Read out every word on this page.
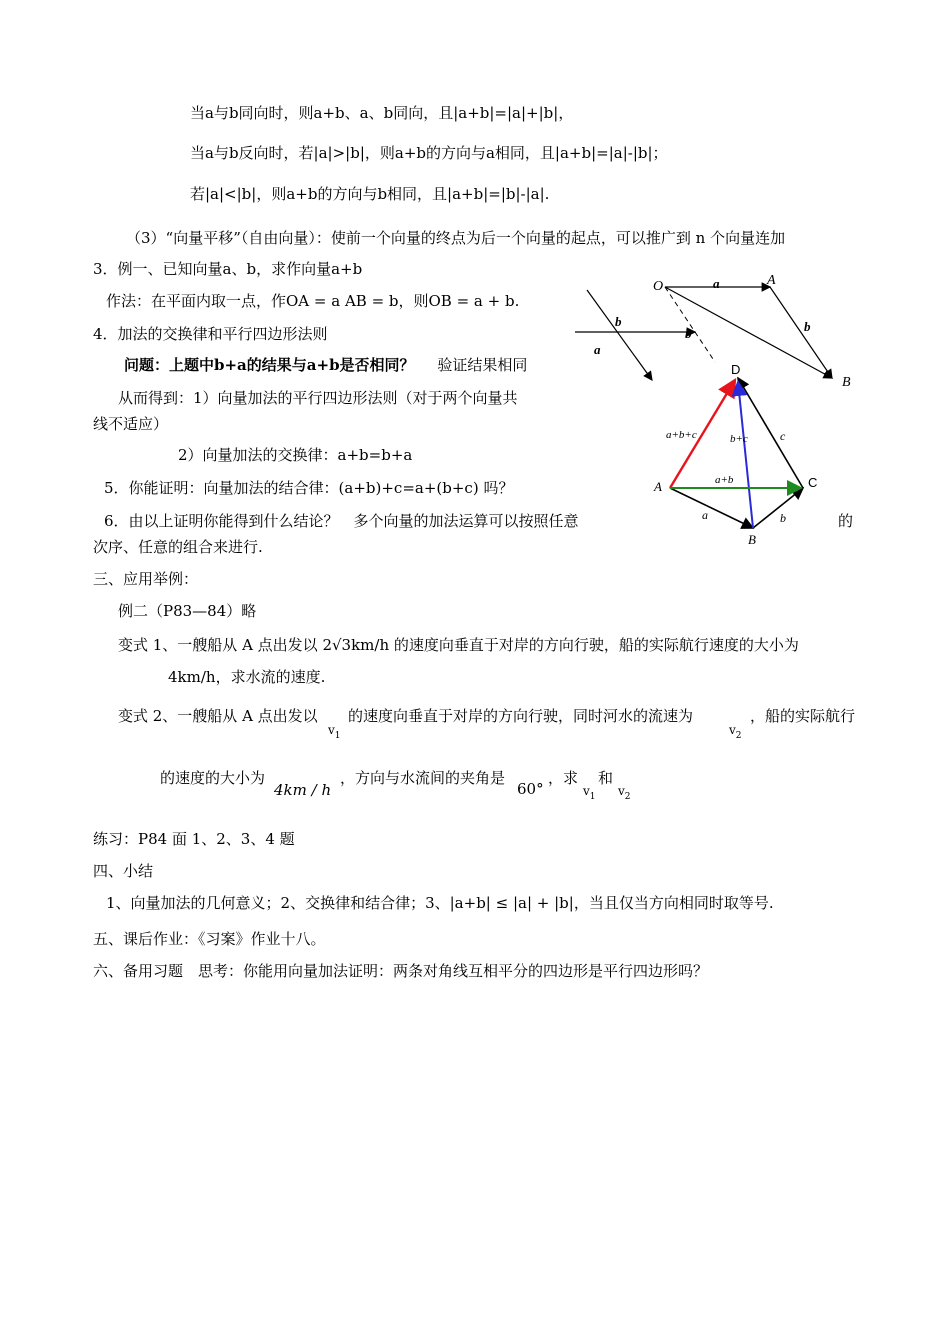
当a与b同向时，则a+b、a、b同向，且|a+b|=|a|+|b|，
当a与b反向时，若|a|>|b|，则a+b的方向与a相同，且|a+b|=|a|-|b|；
若|a|<|b|，则a+b的方向与b相同，且|a+b|=|b|-|a|.
（3）“向量平移”（自由向量）：使前一个向量的终点为后一个向量的起点，可以推广到 n 个向量连加
3．例一、已知向量a、b，求作向量a+b
作法：在平面内取一点，作OA = a AB = b，则OB = a + b.
4．加法的交换律和平行四边形法则
问题：上题中b+a的结果与a+b是否相同？ 验证结果相同
从而得到：1）向量加法的平行四边形法则（对于两个向量共
线不适应）
2）向量加法的交换律：a+b=b+a
5．你能证明：向量加法的结合律：(a+b)+c=a+(b+c) 吗？
6．由以上证明你能得到什么结论？　多个向量的加法运算可以按照任意	的
次序、任意的组合来进行.
三、应用举例：
例二（P83—84）略
变式 1、一艘船从 A 点出发以 2√3km/h 的速度向垂直于对岸的方向行驶，船的实际航行速度的大小为
4km/h，求水流的速度.
变式 2、一艘船从 A 点出发以
$v_1$
的速度向垂直于对岸的方向行驶，同时河水的流速为
$v_2$
，船的实际航行
的速度的大小为
4km / h
，方向与水流间的夹角是
60°
，求
$v_1$
和
$v_2$
练习：P84 面 1、2、3、4 题
四、小结
1、向量加法的几何意义；2、交换律和结合律；3、|a+b| ≤ |a| + |b|，当且仅当方向相同时取等号.
五、课后作业：《习案》作业十八。
六、备用习题　思考：你能用向量加法证明：两条对角线互相平分的四边形是平行四边形吗？
O	A
B
a
b
b
b
a
D
A
B
C
a+b+c	b+c	c
a+b
a	b
